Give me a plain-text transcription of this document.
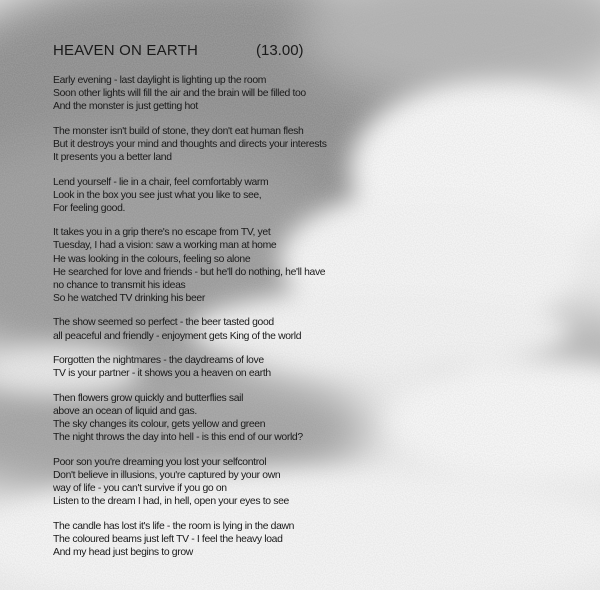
HEAVEN ON EARTH	(13.00)
Early evening - last daylight is lighting up the room
Soon other lights will fill the air and the brain will be filled too
And the monster is just getting hot
The monster isn't build of stone, they don't eat human flesh
But it destroys your mind and thoughts and directs your interests
It presents you a better land
Lend yourself - lie in a chair, feel comfortably warm
Look in the box you see just what you like to see,
For feeling good.
It takes you in a grip there's no escape from TV, yet
Tuesday, I had a vision: saw a working man at home
He was looking in the colours, feeling so alone
He searched for love and friends - but he'll do nothing, he'll have
no chance to transmit his ideas
So he watched TV drinking his beer
The show seemed so perfect - the beer tasted good
all peaceful and friendly - enjoyment gets King of the world
Forgotten the nightmares - the daydreams of love
TV is your partner - it shows you a heaven on earth
Then flowers grow quickly and butterflies sail
above an ocean of liquid and gas.
The sky changes its colour, gets yellow and green
The night throws the day into hell - is this end of our world?
Poor son you're dreaming you lost your selfcontrol
Don't believe in illusions, you're captured by your own
way of life - you can't survive if you go on
Listen to the dream I had, in hell, open your eyes to see
The candle has lost it's life - the room is lying in the dawn
The coloured beams just left TV - I feel the heavy load
And my head just begins to grow
